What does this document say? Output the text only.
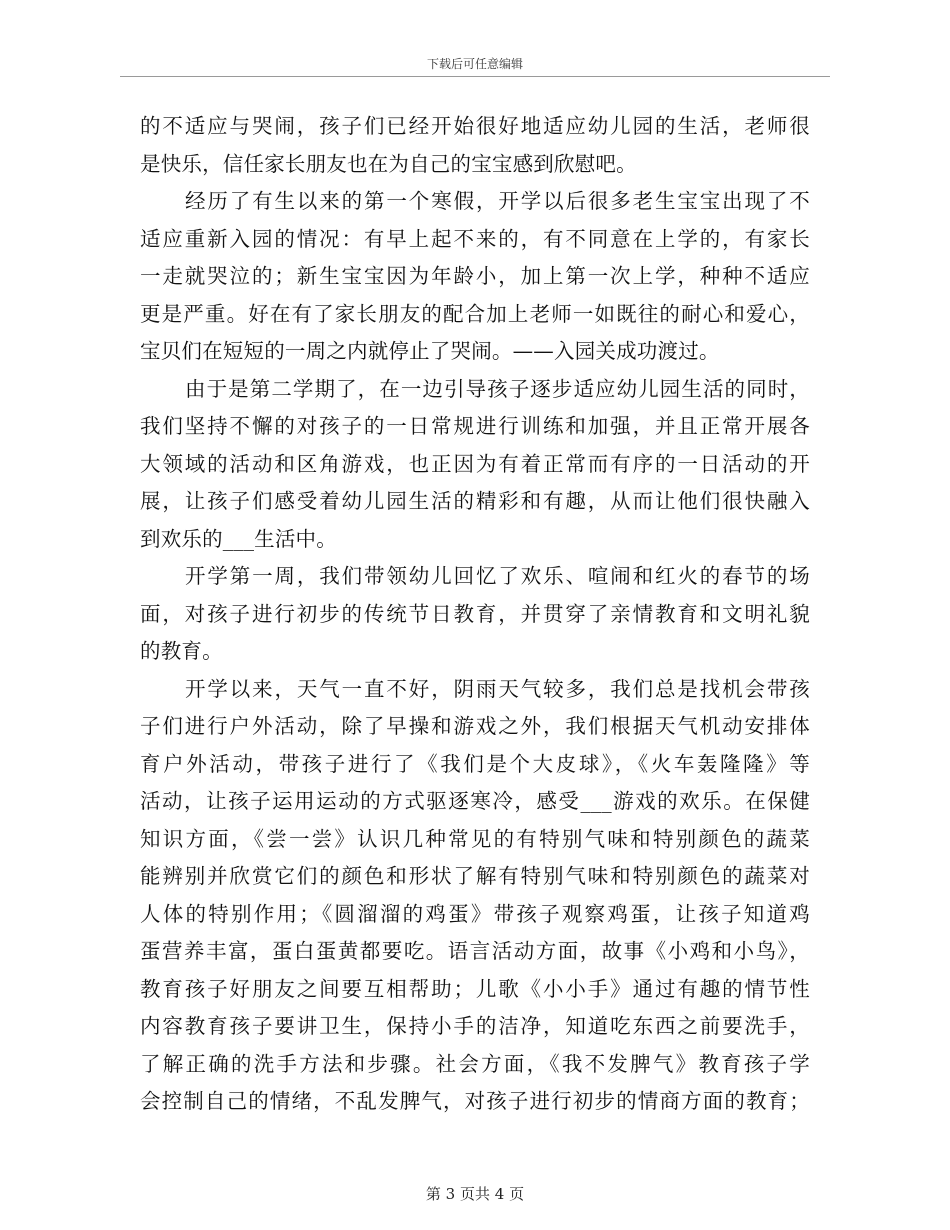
下载后可任意编辑
的不适应与哭闹，孩子们已经开始很好地适应幼儿园的生活，老师很
是快乐，信任家长朋友也在为自己的宝宝感到欣慰吧。
经历了有生以来的第一个寒假，开学以后很多老生宝宝出现了不
适应重新入园的情况：有早上起不来的，有不同意在上学的，有家长
一走就哭泣的；新生宝宝因为年龄小，加上第一次上学，种种不适应
更是严重。好在有了家长朋友的配合加上老师一如既往的耐心和爱心，
宝贝们在短短的一周之内就停止了哭闹。——入园关成功渡过。
由于是第二学期了，在一边引导孩子逐步适应幼儿园生活的同时，
我们坚持不懈的对孩子的一日常规进行训练和加强，并且正常开展各
大领域的活动和区角游戏，也正因为有着正常而有序的一日活动的开
展，让孩子们感受着幼儿园生活的精彩和有趣，从而让他们很快融入
到欢乐的___生活中。
开学第一周，我们带领幼儿回忆了欢乐、喧闹和红火的春节的场
面，对孩子进行初步的传统节日教育，并贯穿了亲情教育和文明礼貌
的教育。
开学以来，天气一直不好，阴雨天气较多，我们总是找机会带孩
子们进行户外活动，除了早操和游戏之外，我们根据天气机动安排体
育户外活动，带孩子进行了《我们是个大皮球》，《火车轰隆隆》等
活动，让孩子运用运动的方式驱逐寒冷，感受___游戏的欢乐。在保健
知识方面，《尝一尝》认识几种常见的有特别气味和特别颜色的蔬菜
能辨别并欣赏它们的颜色和形状了解有特别气味和特别颜色的蔬菜对
人体的特别作用；《圆溜溜的鸡蛋》带孩子观察鸡蛋，让孩子知道鸡
蛋营养丰富，蛋白蛋黄都要吃。语言活动方面，故事《小鸡和小鸟》，
教育孩子好朋友之间要互相帮助；儿歌《小小手》通过有趣的情节性
内容教育孩子要讲卫生，保持小手的洁净，知道吃东西之前要洗手，
了解正确的洗手方法和步骤。社会方面，《我不发脾气》教育孩子学
会控制自己的情绪，不乱发脾气，对孩子进行初步的情商方面的教育；
第 3 页共 4 页
